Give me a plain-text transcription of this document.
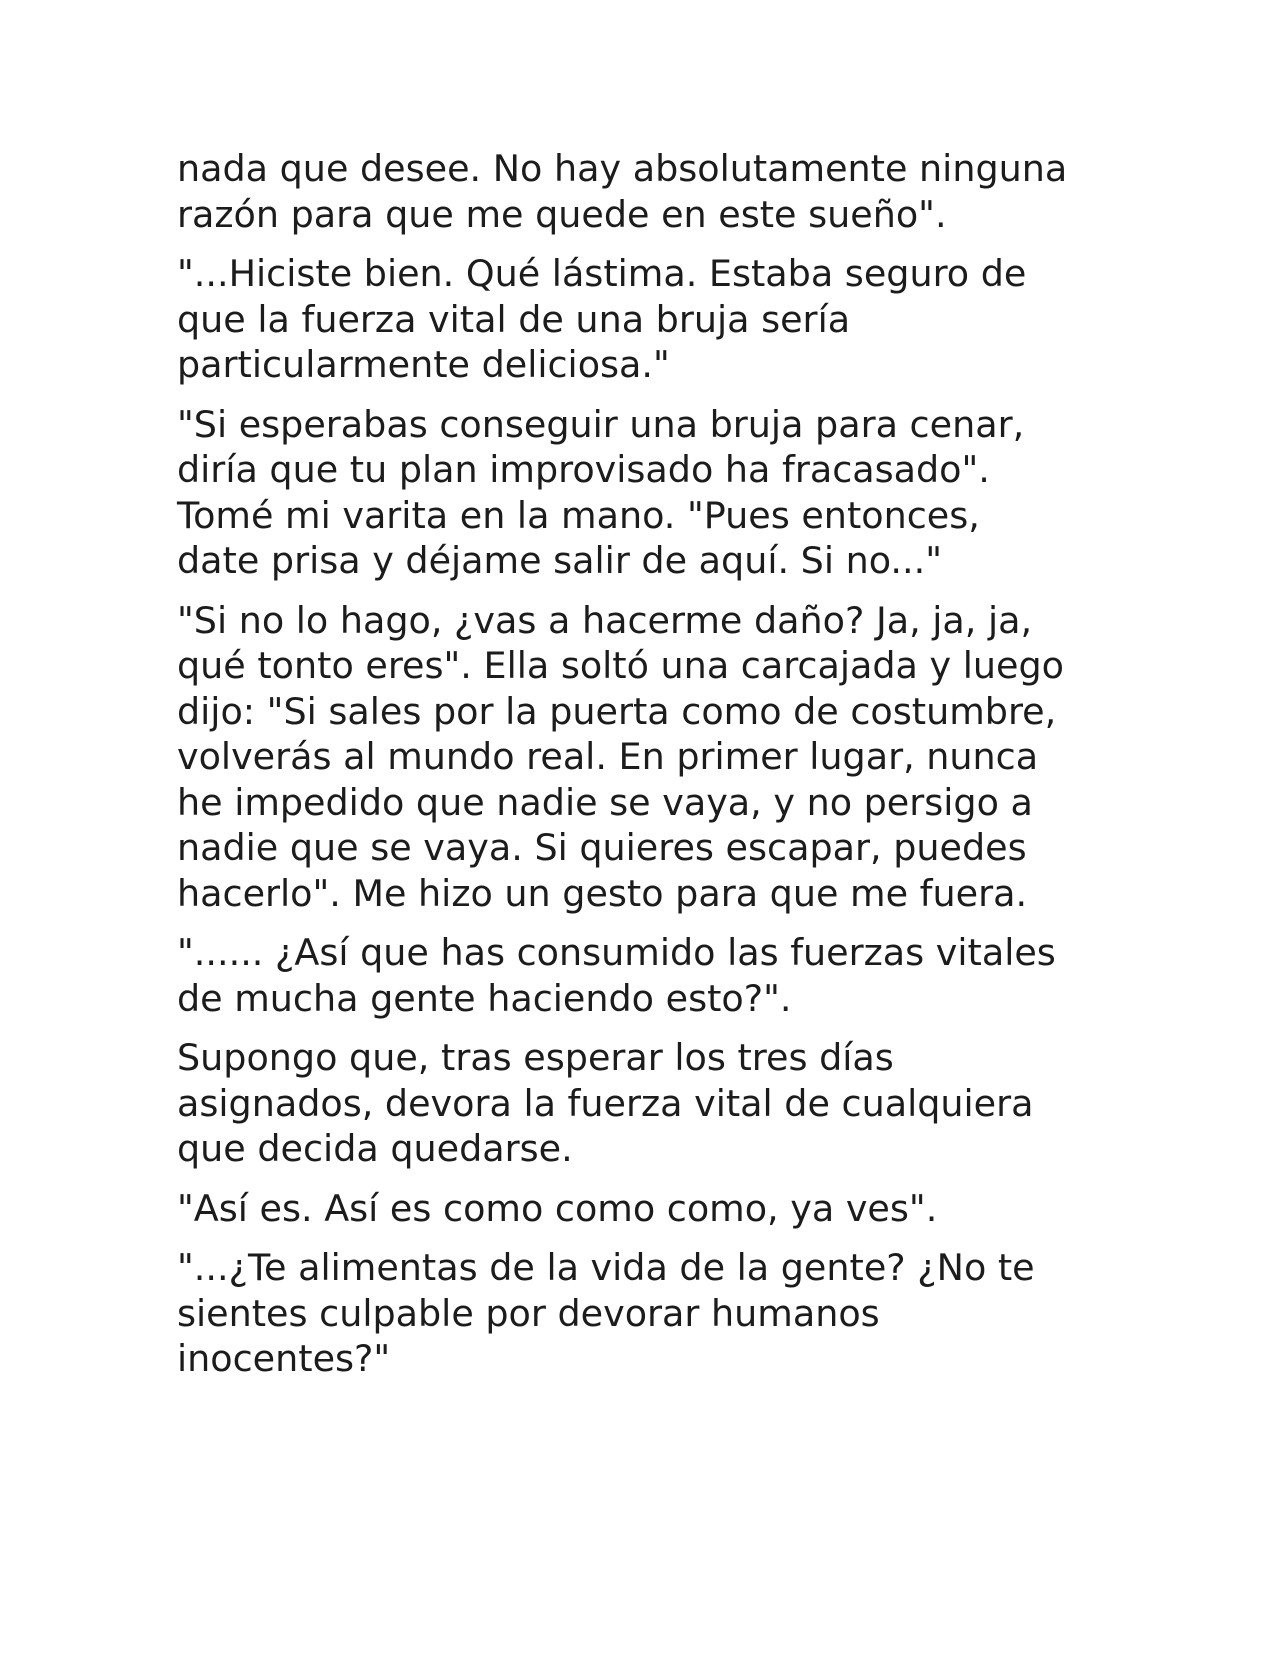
nada que desee. No hay absolutamente ninguna
razón para que me quede en este sueño".

"...Hiciste bien. Qué lástima. Estaba seguro de
que la fuerza vital de una bruja sería
particularmente deliciosa."

"Si esperabas conseguir una bruja para cenar,
diría que tu plan improvisado ha fracasado".
Tomé mi varita en la mano. "Pues entonces,
date prisa y déjame salir de aquí. Si no..."

"Si no lo hago, ¿vas a hacerme daño? Ja, ja, ja,
qué tonto eres". Ella soltó una carcajada y luego
dijo: "Si sales por la puerta como de costumbre,
volverás al mundo real. En primer lugar, nunca
he impedido que nadie se vaya, y no persigo a
nadie que se vaya. Si quieres escapar, puedes
hacerlo". Me hizo un gesto para que me fuera.

"...... ¿Así que has consumido las fuerzas vitales
de mucha gente haciendo esto?".

Supongo que, tras esperar los tres días
asignados, devora la fuerza vital de cualquiera
que decida quedarse.

"Así es. Así es como como como, ya ves".

"...¿Te alimentas de la vida de la gente? ¿No te
sientes culpable por devorar humanos
inocentes?"
